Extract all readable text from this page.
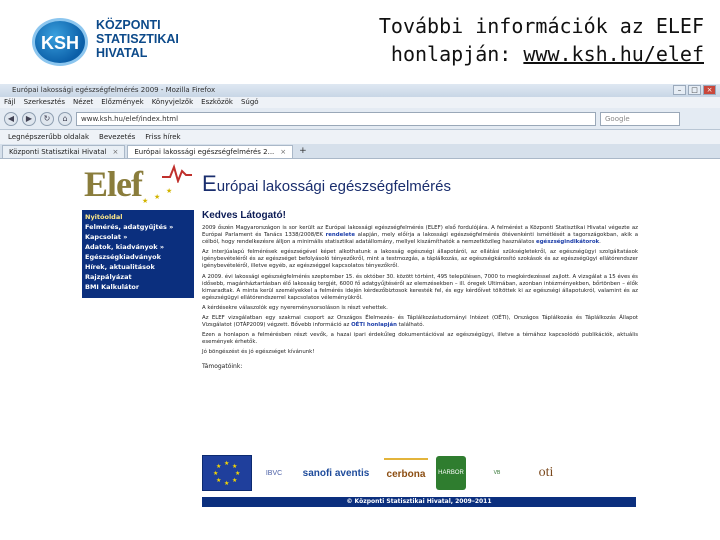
KSH
KÖZPONTI
STATISZTIKAI
HIVATAL
További információk az ELEF
honlapján: www.ksh.hu/elef
Európai lakossági egészségfelmérés 2009 - Mozilla Firefox	–	□	×
Fájl Szerkesztés Nézet Előzmények Könyvjelzők Eszközök Súgó
◀	▶	↻	⌂	www.ksh.hu/elef/index.html	Google
Legnépszerűbb oldalak Bevezetés Friss hírek
Központi Statisztikai Hivatal ×	Európai lakossági egészségfelmérés 2... ×	+
Elef ★ ★
★ Európai lakossági egészségfelmérés
Nyitóoldal
Felmérés, adatgyűjtés »
Kapcsolat »
Adatok, kiadványok »
Egészségkiadványok
Hírek, aktualitások
Rajzpályázat
BMI Kalkulátor
Kedves Látogató!

2009 őszén Magyarországon is sor került az Európai lakossági egészségfelmérés (ELEF) első fordulójára. A felmérést a Központi Statisztikai Hivatal végezte az Európai Parlament és Tanács 1338/2008/EK rendelete alapján, mely előírja a lakossági egészségfelmérés ötévenkénti ismétlését a tagországokban, akik a célból, hogy rendelkezésre álljon a minimális statisztikai adatállomány, mellyel kiszámíthatók a nemzetközileg használatos egészségindikátorok.

Az interjúalapú felmérések egészségével képet alkothatunk a lakosság egészségi állapotáról, az ellátási szükségletekről, az egészségügyi szolgáltatások igénybevételéről és az egészséget befolyásoló tényezőkről, mint a testmozgás, a táplálkozás, az egészségkárosító szokások és az egészségügyi ellátórendszer igénybevételéről, illetve egyéb, az egészséggel kapcsolatos tényezőkről.

A 2009. évi lakossági egészségfelmérés szeptember 15. és október 30. között történt, 495 településen, 7000 to megkérdezéssel zajlott. A vizsgálat a 15 éves és idősebb, magánháztartásban élő lakosság tergjét, 6000 fő adatgyűjtéséről az elemzésekben – ill. óregek Ultimában, azonban intézményekben, bőrtönben – élők kimaradtak. A minta kerül személyekkel a felmérés idején kérdezőbiztosok keresték fel, és egy kérdőívet töltöttek ki az egészségi állapotukról, valamint és az egészségügyi ellátórendszerrel kapcsolatos véleményükről.

A kérdésekre válaszolók egy nyereménysorsoláson is részt vehettek.

Az ELEF vizsgálatban egy szakmai csoport az Országos Élelmezés- és Táplálkozástudományi Intézet (OÉTI), Országos Táplálkozás és Táplálkozás Állapot Vizsgálatot (OTÁP2009) végzett. Bővebb információ az OÉTI honlapján található.

Ezen a honlapon a felmérésben részt vevők, a hazai ipari érdekűleg dokumentációval az egészségügyi, illetve a témához kapcsolódó publikációk, aktuális események érhetők.

Jó böngészést és jó egészséget kívánunk!

Támogatóink:
★ ★
★
★
★
★
★
★
IBVC	sanofi aventis	cerbona	HARBOR	VB	oti
© Központi Statisztikai Hivatal, 2009–2011
